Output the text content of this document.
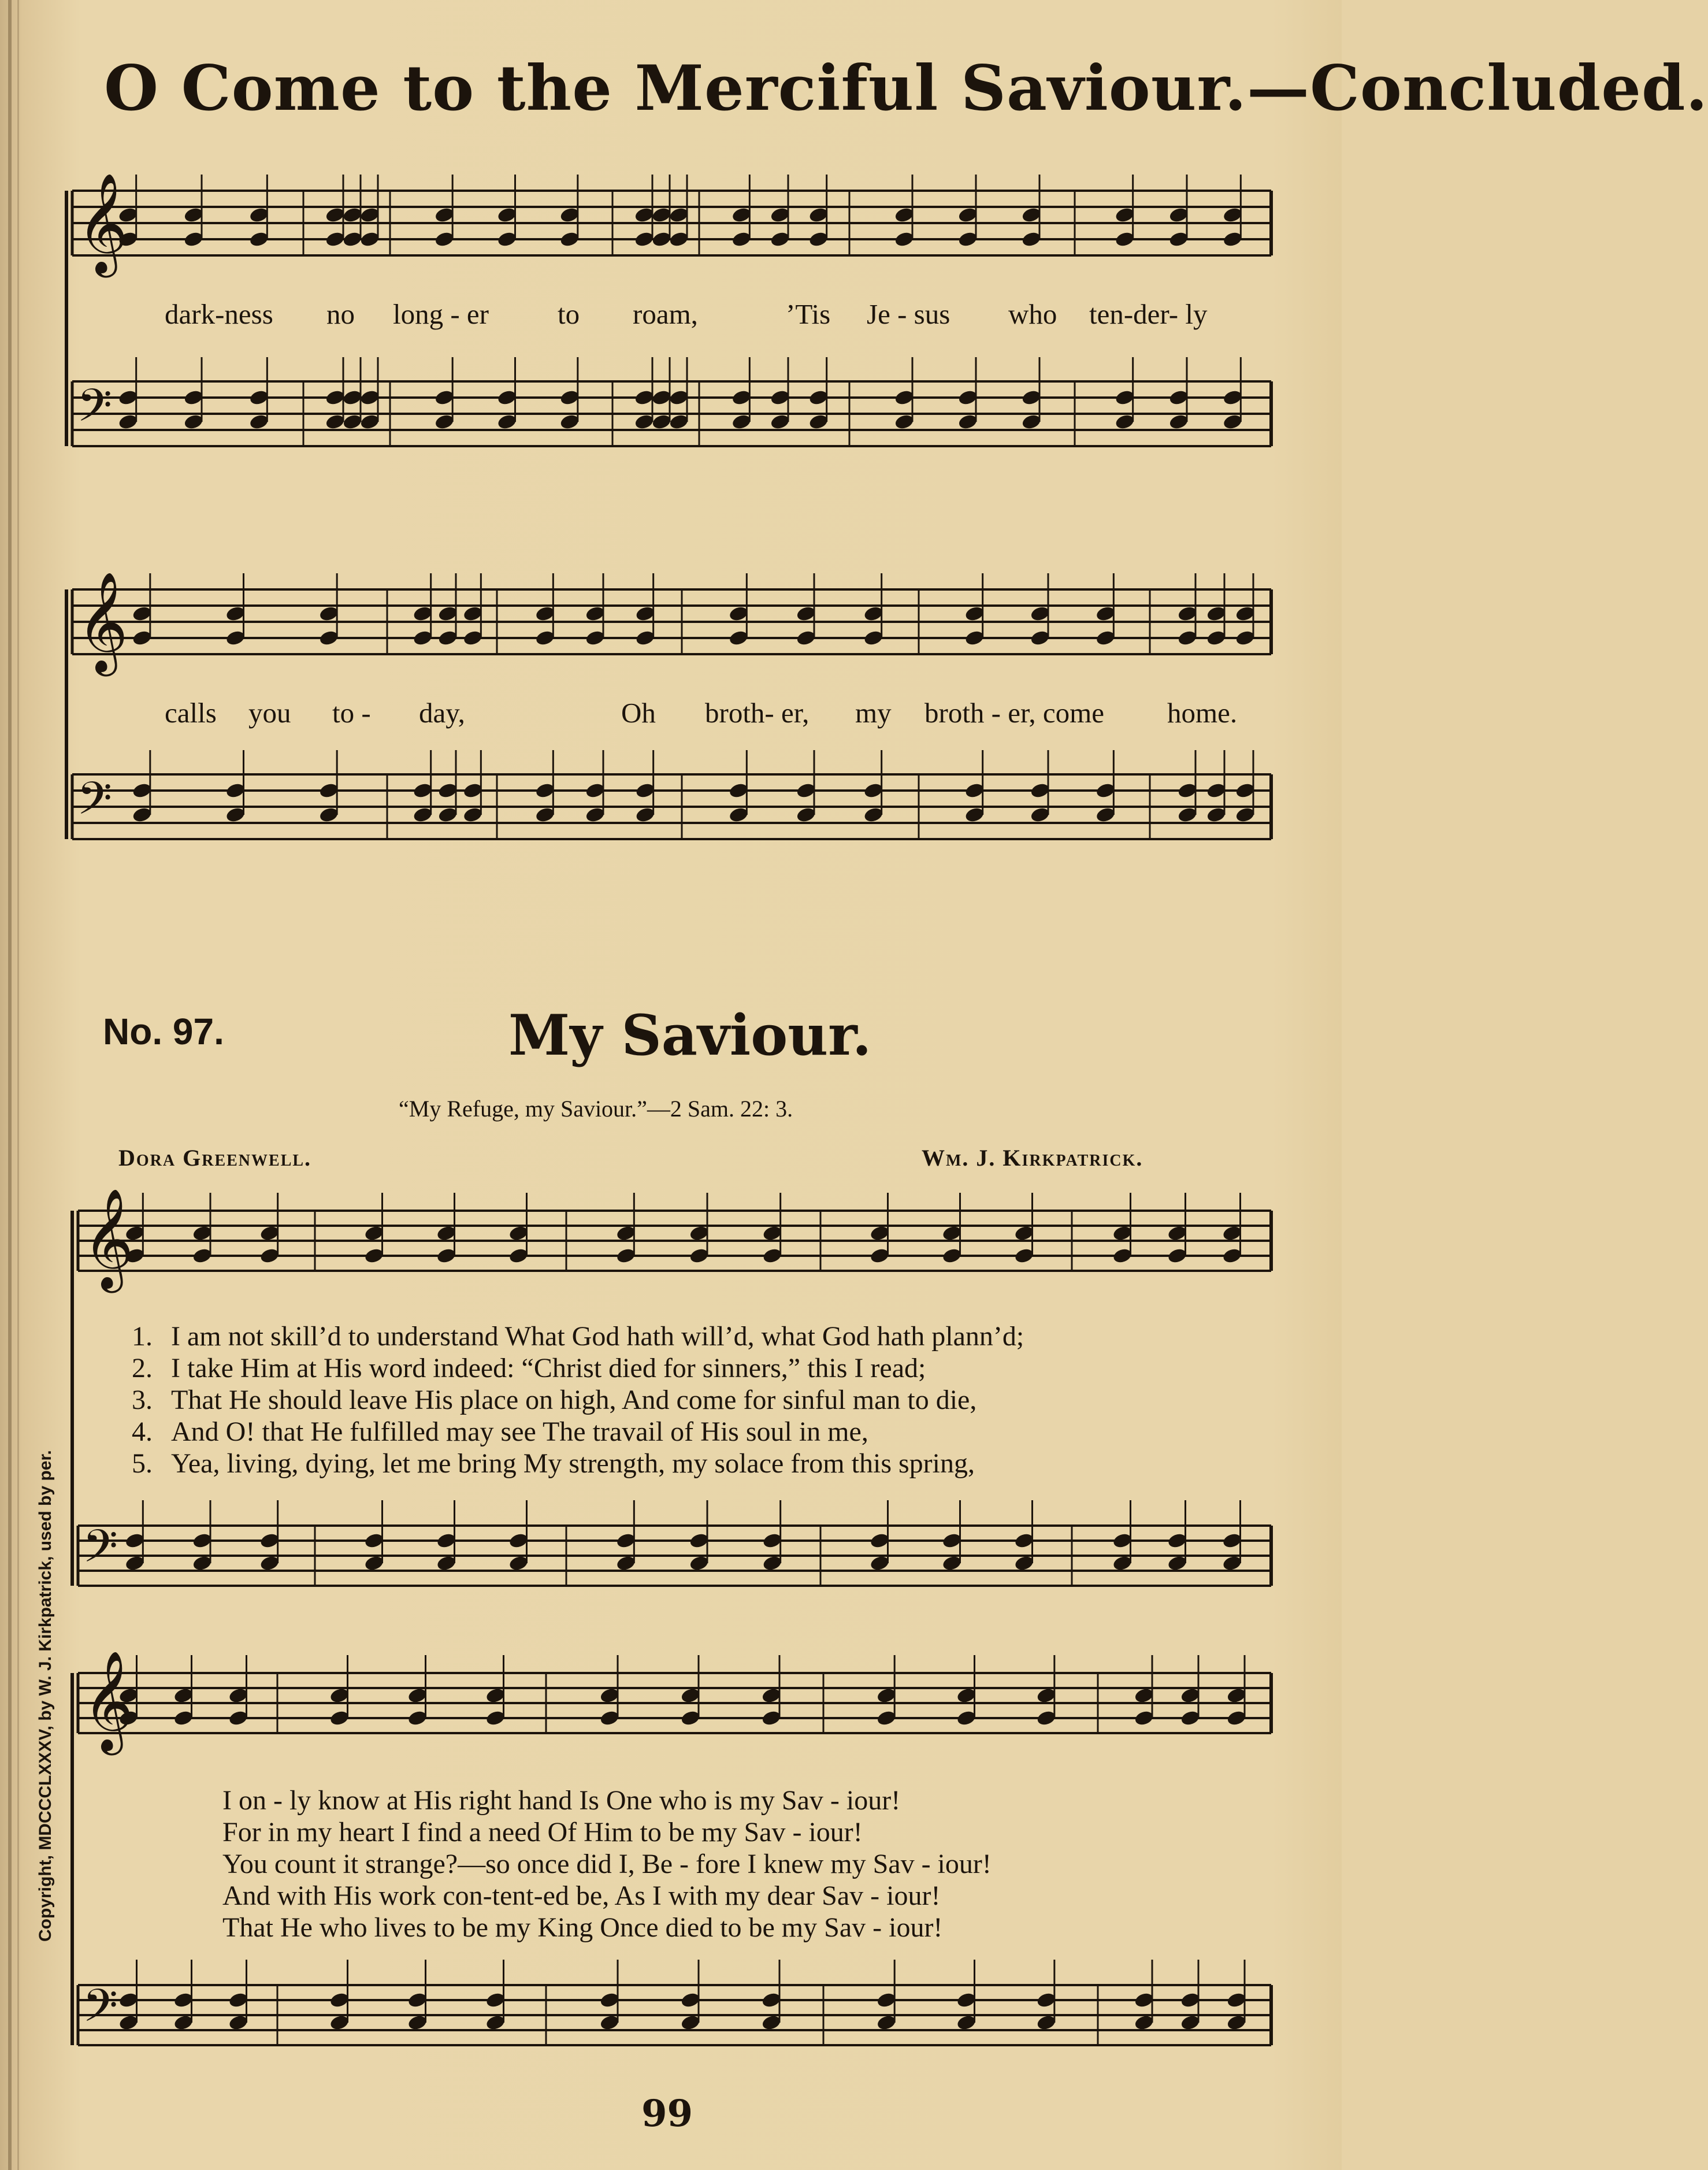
O Come to the Merciful Saviour.—Concluded.
𝄞
𝄢
𝄞
𝄢
𝄞
𝄢
𝄞
𝄢
dark-ness no long - er to roam,	’Tis Je - sus who ten-der- ly
calls you to - day,	Oh broth- er, my broth - er, come home.
No. 97.	My Saviour.
“My Refuge, my Saviour.”—2 Sam. 22: 3.
Dora Greenwell.	Wm. J. Kirkpatrick.
1. I am not skill’d to understand What God hath will’d, what God hath plann’d;
2. I take Him at His word indeed: “Christ died for sinners,” this I read;
3. That He should leave His place on high, And come for sinful man to die,
4. And O! that He fulfilled may see The travail of His soul in me,
5. Yea, living, dying, let me bring My strength, my solace from this spring,
I on - ly know at His right hand Is One who is my Sav - iour!
For in my heart I find a need Of Him to be my Sav - iour!
You count it strange?—so once did I, Be - fore I knew my Sav - iour!
And with His work con-tent-ed be, As I with my dear Sav - iour!
That He who lives to be my King Once died to be my Sav - iour!
Copyright, MDCCCLXXXV, by W. J. Kirkpatrick, used by per.
99
